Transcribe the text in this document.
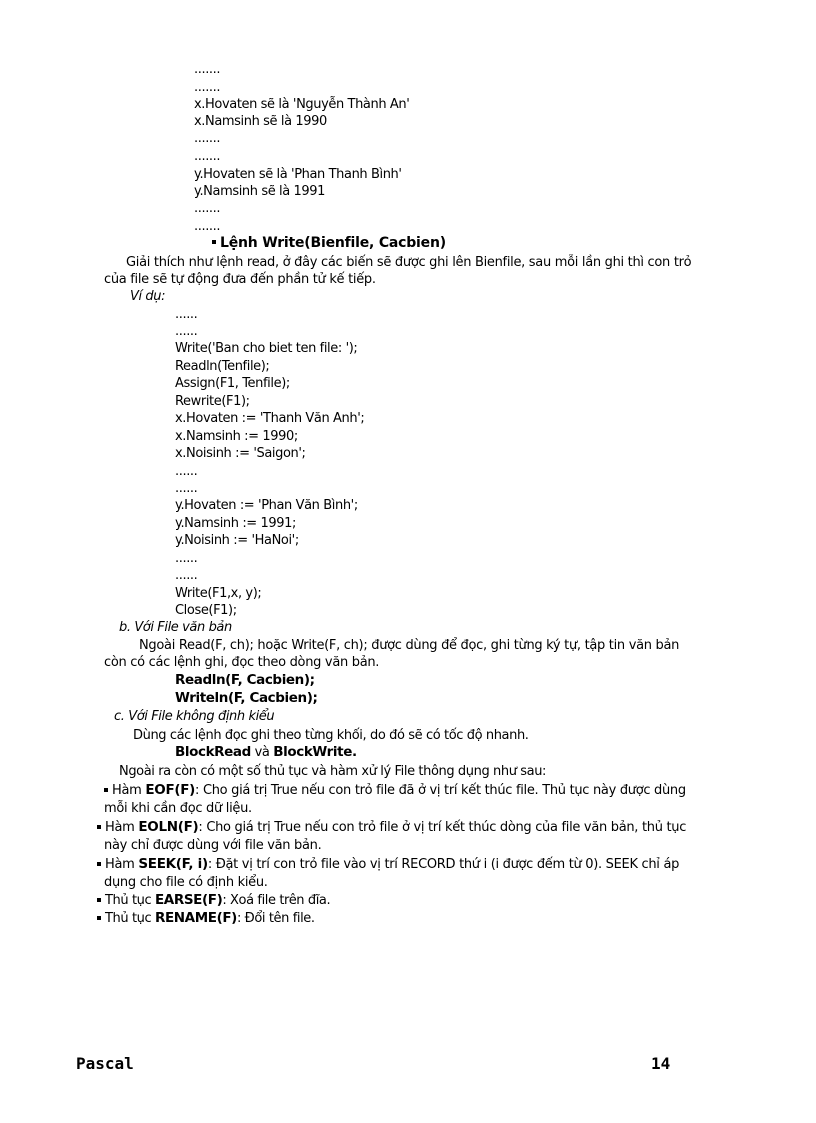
.......
.......
x.Hovaten sẽ là 'Nguyễn Thành An'
x.Namsinh sẽ là 1990
.......
.......
y.Hovaten sẽ là 'Phan Thanh Bình'
y.Namsinh sẽ là 1991
.......
.......
Lệnh Write(Bienfile, Cacbien)
Giải thích như lệnh read, ở đây các biến sẽ được ghi lên Bienfile, sau mỗi lần ghi thì con trỏ
của file sẽ tự động đưa đến phần tử kế tiếp.
Ví dụ:
......
......
Write('Ban cho biet ten file: ');
Readln(Tenfile);
Assign(F1, Tenfile);
Rewrite(F1);
x.Hovaten := 'Thanh Văn Anh';
x.Namsinh := 1990;
x.Noisinh := 'Saigon';
......
......
y.Hovaten := 'Phan Văn Bình';
y.Namsinh := 1991;
y.Noisinh := 'HaNoi';
......
......
Write(F1,x, y);
Close(F1);
b. Với File văn bản
Ngoài Read(F, ch); hoặc Write(F, ch); được dùng để đọc, ghi từng ký tự, tập tin văn bản
còn có các lệnh ghi, đọc theo dòng văn bản.
Readln(F, Cacbien);
Writeln(F, Cacbien);
c. Với File không định kiểu
Dùng các lệnh đọc ghi theo từng khối, do đó sẽ có tốc độ nhanh.
BlockRead và BlockWrite.
Ngoài ra còn có một số thủ tục và hàm xử lý File thông dụng như sau:
Hàm EOF(F): Cho giá trị True nếu con trỏ file đã ở vị trí kết thúc file. Thủ tục này được dùng
mỗi khi cần đọc dữ liệu.
Hàm EOLN(F): Cho giá trị True nếu con trỏ file ở vị trí kết thúc dòng của file văn bản, thủ tục
này chỉ được dùng với file văn bản.
Hàm SEEK(F, i): Đặt vị trí con trỏ file vào vị trí RECORD thứ i (i được đếm từ 0). SEEK chỉ áp
dụng cho file có định kiểu.
Thủ tục EARSE(F): Xoá file trên đĩa.
Thủ tục RENAME(F): Đổi tên file.
Pascal	14
